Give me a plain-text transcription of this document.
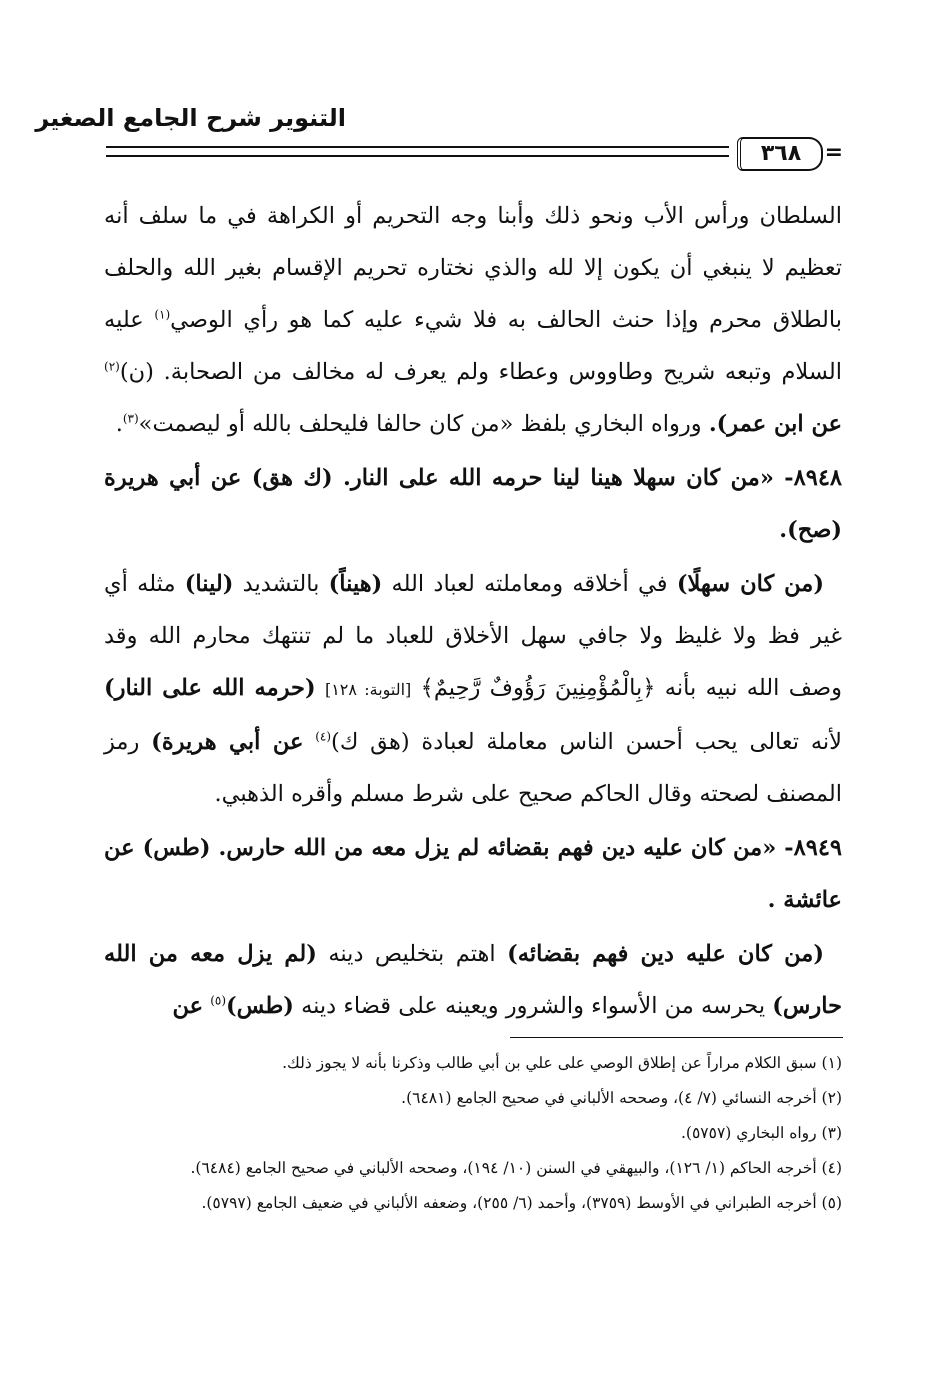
التنوير شرح الجامع الصغير
٣٦٨	=

السلطان ورأس الأب ونحو ذلك وأبنا وجه التحريم أو الكراهة في ما سلف أنه تعظيم لا ينبغي أن يكون إلا لله والذي نختاره تحريم الإقسام بغير الله والحلف بالطلاق محرم وإذا حنث الحالف به فلا شيء عليه كما هو رأي الوصي$^{(١)}$ عليه السلام وتبعه شريح وطاووس وعطاء ولم يعرف له مخالف من الصحابة. (ن)$^{(٢)}$ عن ابن عمر). ورواه البخاري بلفظ «من كان حالفا فليحلف بالله أو ليصمت»$^{(٣)}$.

٨٩٤٨- «من كان سهلا هينا لينا حرمه الله على النار. (ك هق) عن أبي هريرة (صح).

(من كان سهلًا) في أخلاقه ومعاملته لعباد الله (هيناً) بالتشديد (لينا) مثله أي غير فظ ولا غليظ ولا جافي سهل الأخلاق للعباد ما لم تنتهك محارم الله وقد وصف الله نبيه بأنه ﴿بِالْمُؤْمِنِينَ رَؤُوفٌ رَّحِيمٌ﴾ [التوبة: ١٢٨] (حرمه الله على النار) لأنه تعالى يحب أحسن الناس معاملة لعبادة (هق ك)$^{(٤)}$ عن أبي هريرة) رمز المصنف لصحته وقال الحاكم صحيح على شرط مسلم وأقره الذهبي.

٨٩٤٩- «من كان عليه دين فهم بقضائه لم يزل معه من الله حارس. (طس) عن عائشة .

(من كان عليه دين فهم بقضائه) اهتم بتخليص دينه (لم يزل معه من الله حارس) يحرسه من الأسواء والشرور ويعينه على قضاء دينه (طس)$^{(٥)}$ عن

(١) سبق الكلام مراراً عن إطلاق الوصي على علي بن أبي طالب وذكرنا بأنه لا يجوز ذلك.

(٢) أخرجه النسائي (٧/ ٤)، وصححه الألباني في صحيح الجامع (٦٤٨١).

(٣) رواه البخاري (٥٧٥٧).

(٤) أخرجه الحاكم (١/ ١٢٦)، والبيهقي في السنن (١٠/ ١٩٤)، وصححه الألباني في صحيح الجامع (٦٤٨٤).

(٥) أخرجه الطبراني في الأوسط (٣٧٥٩)، وأحمد (٦/ ٢٥٥)، وضعفه الألباني في ضعيف الجامع (٥٧٩٧).
